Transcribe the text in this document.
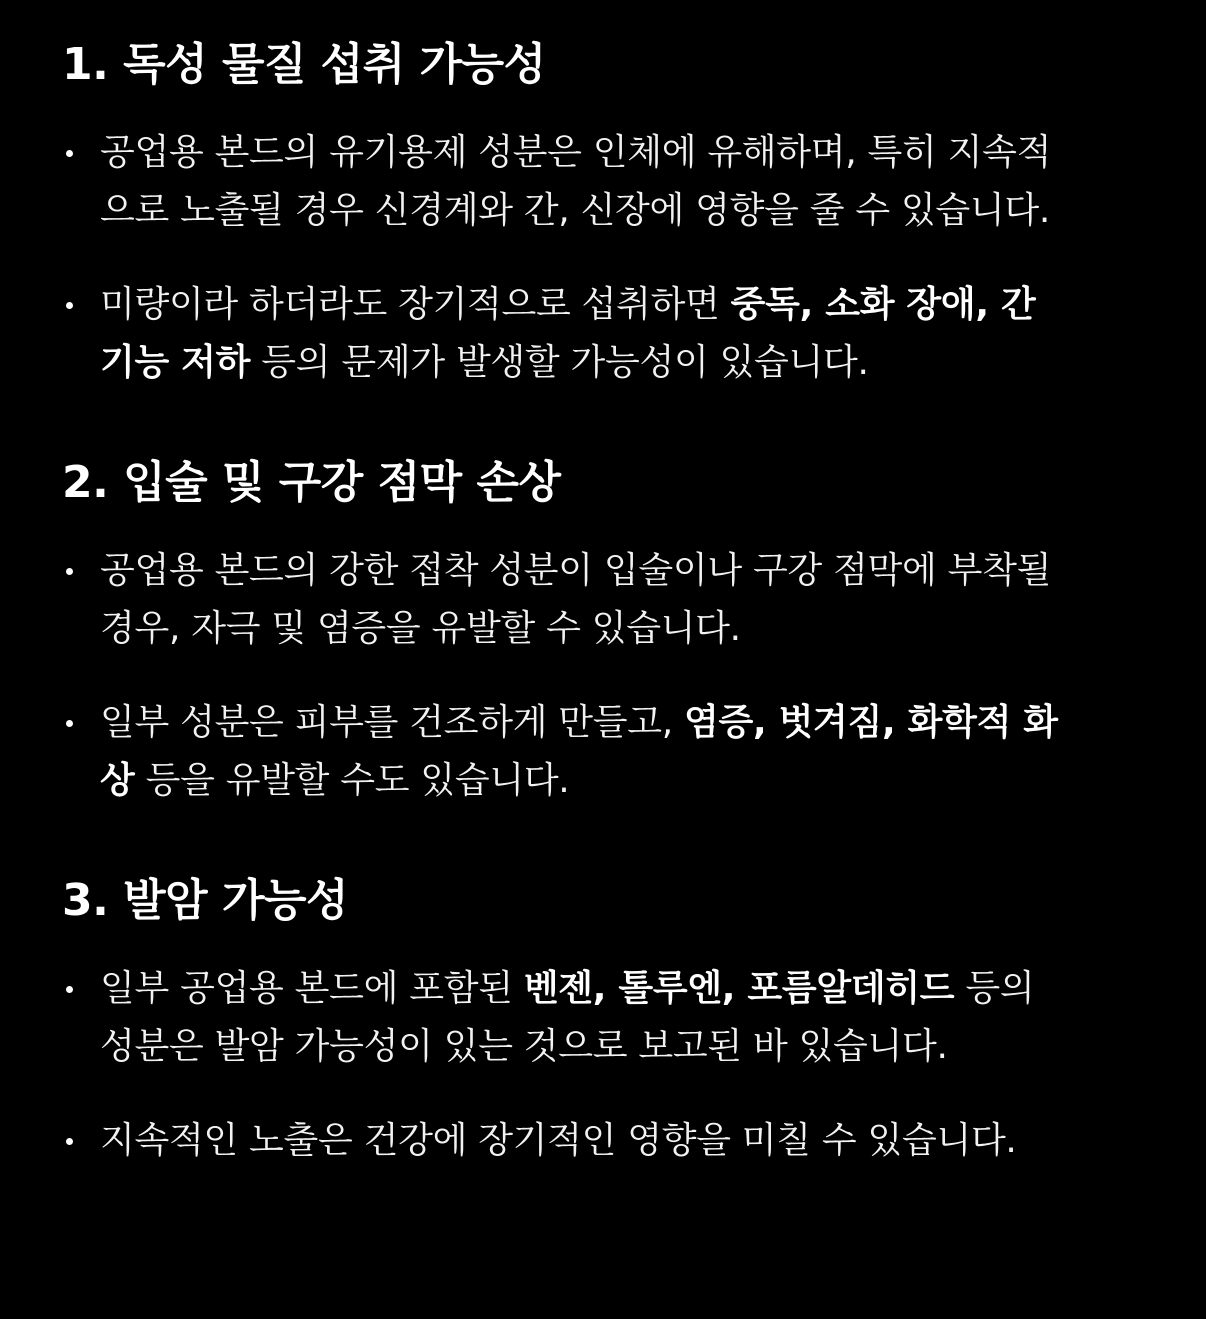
1. 독성 물질 섭취 가능성
공업용 본드의 유기용제 성분은 인체에 유해하며, 특히 지속적으로 노출될 경우 신경계와 간, 신장에 영향을 줄 수 있습니다.
미량이라 하더라도 장기적으로 섭취하면 중독, 소화 장애, 간 기능 저하 등의 문제가 발생할 가능성이 있습니다.
2. 입술 및 구강 점막 손상
공업용 본드의 강한 접착 성분이 입술이나 구강 점막에 부착될 경우, 자극 및 염증을 유발할 수 있습니다.
일부 성분은 피부를 건조하게 만들고, 염증, 벗겨짐, 화학적 화상 등을 유발할 수도 있습니다.
3. 발암 가능성
일부 공업용 본드에 포함된 벤젠, 톨루엔, 포름알데히드 등의 성분은 발암 가능성이 있는 것으로 보고된 바 있습니다.
지속적인 노출은 건강에 장기적인 영향을 미칠 수 있습니다.
